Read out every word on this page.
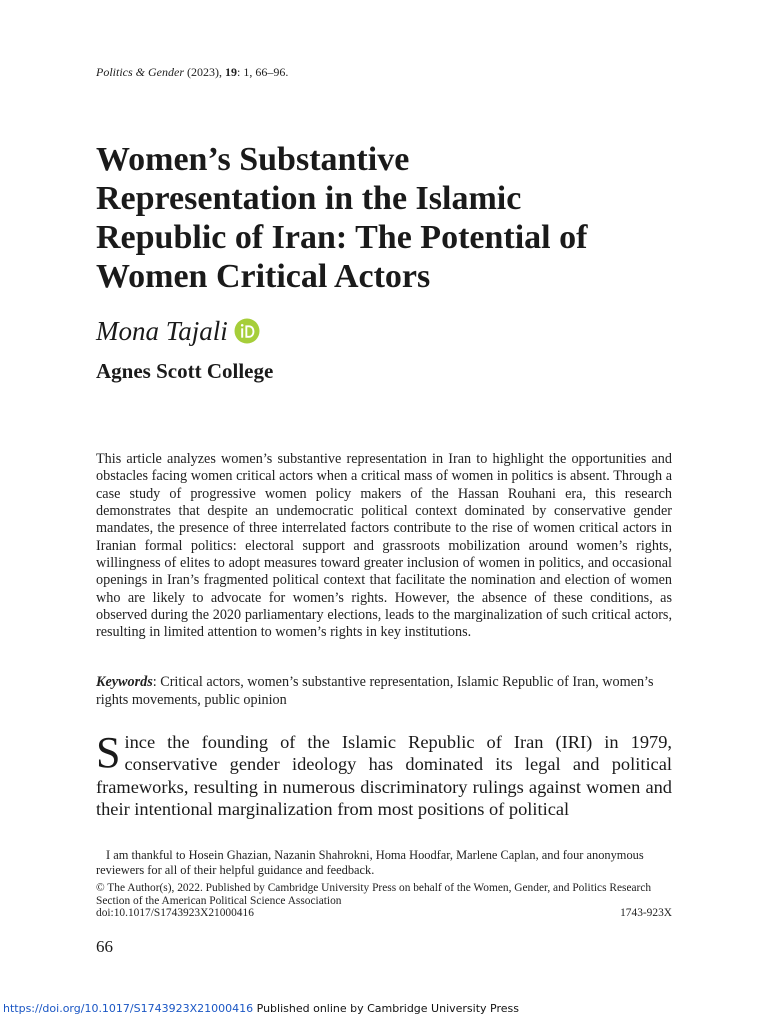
Politics & Gender (2023), 19: 1, 66–96.
Women’s Substantive
Representation in the Islamic
Republic of Iran: The Potential of
Women Critical Actors
Mona Tajali
Agnes Scott College

This article analyzes women’s substantive representation in Iran to highlight the opportunities and obstacles facing women critical actors when a critical mass of women in politics is absent. Through a case study of progressive women policy makers of the Hassan Rouhani era, this research demonstrates that despite an undemocratic political context dominated by conservative gender mandates, the presence of three interrelated factors contribute to the rise of women critical actors in Iranian formal politics: electoral support and grassroots mobilization around women’s rights, willingness of elites to adopt measures toward greater inclusion of women in politics, and occasional openings in Iran’s fragmented political context that facilitate the nomination and election of women who are likely to advocate for women’s rights. However, the absence of these conditions, as observed during the 2020 parliamentary elections, leads to the marginalization of such critical actors, resulting in limited attention to women’s rights in key institutions.

Keywords: Critical actors, women’s substantive representation, Islamic Republic of Iran, women’s rights movements, public opinion

Since the founding of the Islamic Republic of Iran (IRI) in 1979, conservative gender ideology has dominated its legal and political frameworks, resulting in numerous discriminatory rulings against women and their intentional marginalization from most positions of political

I am thankful to Hosein Ghazian, Nazanin Shahrokni, Homa Hoodfar, Marlene Caplan, and four anonymous reviewers for all of their helpful guidance and feedback.

© The Author(s), 2022. Published by Cambridge University Press on behalf of the Women, Gender, and Politics Research Section of the American Political Science Association

doi:10.1017/S1743923X21000416	1743-923X
66
https://doi.org/10.1017/S1743923X21000416 Published online by Cambridge University Press
